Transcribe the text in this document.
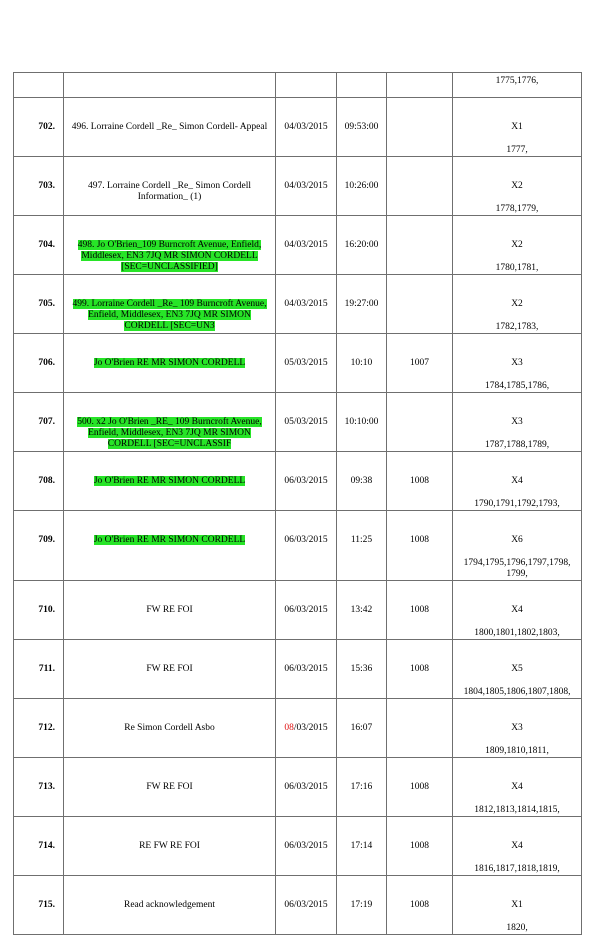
					1775,1776,

702.	496. Lorraine Cordell _Re_ Simon Cordell- Appeal	04/03/2015	09:53:00		X1
1777,

703.	497. Lorraine Cordell _Re_ Simon Cordell Information_ (1)	04/03/2015	10:26:00		X2
1778,1779,

704.	498. Jo O'Brien_109 Burncroft Avenue, Enfield, Middlesex, EN3 7JQ MR SIMON CORDELL [SEC=UNCLASSIFIED]	04/03/2015	16:20:00		X2
1780,1781,

705.	499. Lorraine Cordell _Re_ 109 Burncroft Avenue, Enfield, Middlesex, EN3 7JQ MR SIMON CORDELL [SEC=UN3	04/03/2015	19:27:00		X2
1782,1783,

706.	Jo O'Brien RE MR SIMON CORDELL	05/03/2015	10:10	1007	X3
1784,1785,1786,

707.	500. x2 Jo O'Brien _RE_ 109 Burncroft Avenue, Enfield, Middlesex, EN3 7JQ MR SIMON CORDELL [SEC=UNCLASSIF	05/03/2015	10:10:00		X3
1787,1788,1789,

708.	Jo O'Brien RE MR SIMON CORDELL	06/03/2015	09:38	1008	X4
1790,1791,1792,1793,

709.	Jo O'Brien RE MR SIMON CORDELL	06/03/2015	11:25	1008	X6
1794,1795,1796,1797,1798, 1799,

710.	FW RE FOI	06/03/2015	13:42	1008	X4
1800,1801,1802,1803,

711.	FW RE FOI	06/03/2015	15:36	1008	X5
1804,1805,1806,1807,1808,

712.	Re Simon Cordell Asbo	08/03/2015	16:07		X3
1809,1810,1811,

713.	FW RE FOI	06/03/2015	17:16	1008	X4
1812,1813,1814,1815,

714.	RE FW RE FOI	06/03/2015	17:14	1008	X4
1816,1817,1818,1819,

715.	Read acknowledgement	06/03/2015	17:19	1008	X1
1820,
